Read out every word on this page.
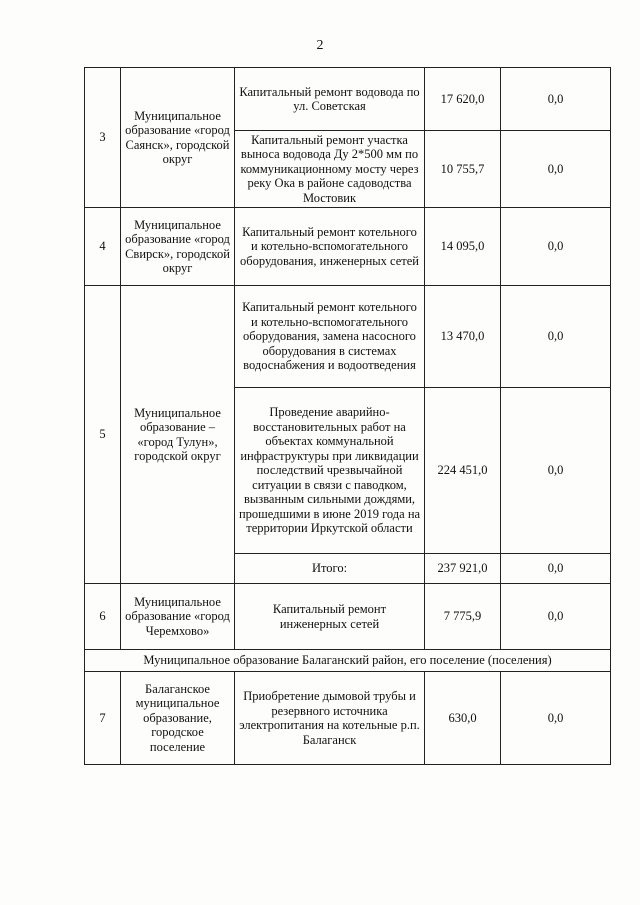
2
3	Муниципальное образование «город Саянск», городской округ	Капитальный ремонт водовода по ул. Советская	17 620,0	0,0
		Капитальный ремонт участка выноса водовода Ду 2*500 мм по коммуникационному мосту через реку Ока в районе садоводства Мостовик	10 755,7	0,0
4	Муниципальное образование «город Свирск», городской округ	Капитальный ремонт котельного и котельно-вспомогательного оборудования, инженерных сетей	14 095,0	0,0
5	Муниципальное образование – «город Тулун», городской округ	Капитальный ремонт котельного и котельно-вспомогательного оборудования, замена насосного оборудования в системах водоснабжения и водоотведения	13 470,0	0,0
		Проведение аварийно-восстановительных работ на объектах коммунальной инфраструктуры при ликвидации последствий чрезвычайной ситуации в связи с паводком, вызванным сильными дождями, прошедшими в июне 2019 года на территории Иркутской области	224 451,0	0,0
		Итого:	237 921,0	0,0
6	Муниципальное образование «город Черемхово»	Капитальный ремонт инженерных сетей	7 775,9	0,0
Муниципальное образование Балаганский район, его поселение (поселения)				
7	Балаганское муниципальное образование, городское поселение	Приобретение дымовой трубы и резервного источника электропитания на котельные р.п. Балаганск	630,0	0,0
